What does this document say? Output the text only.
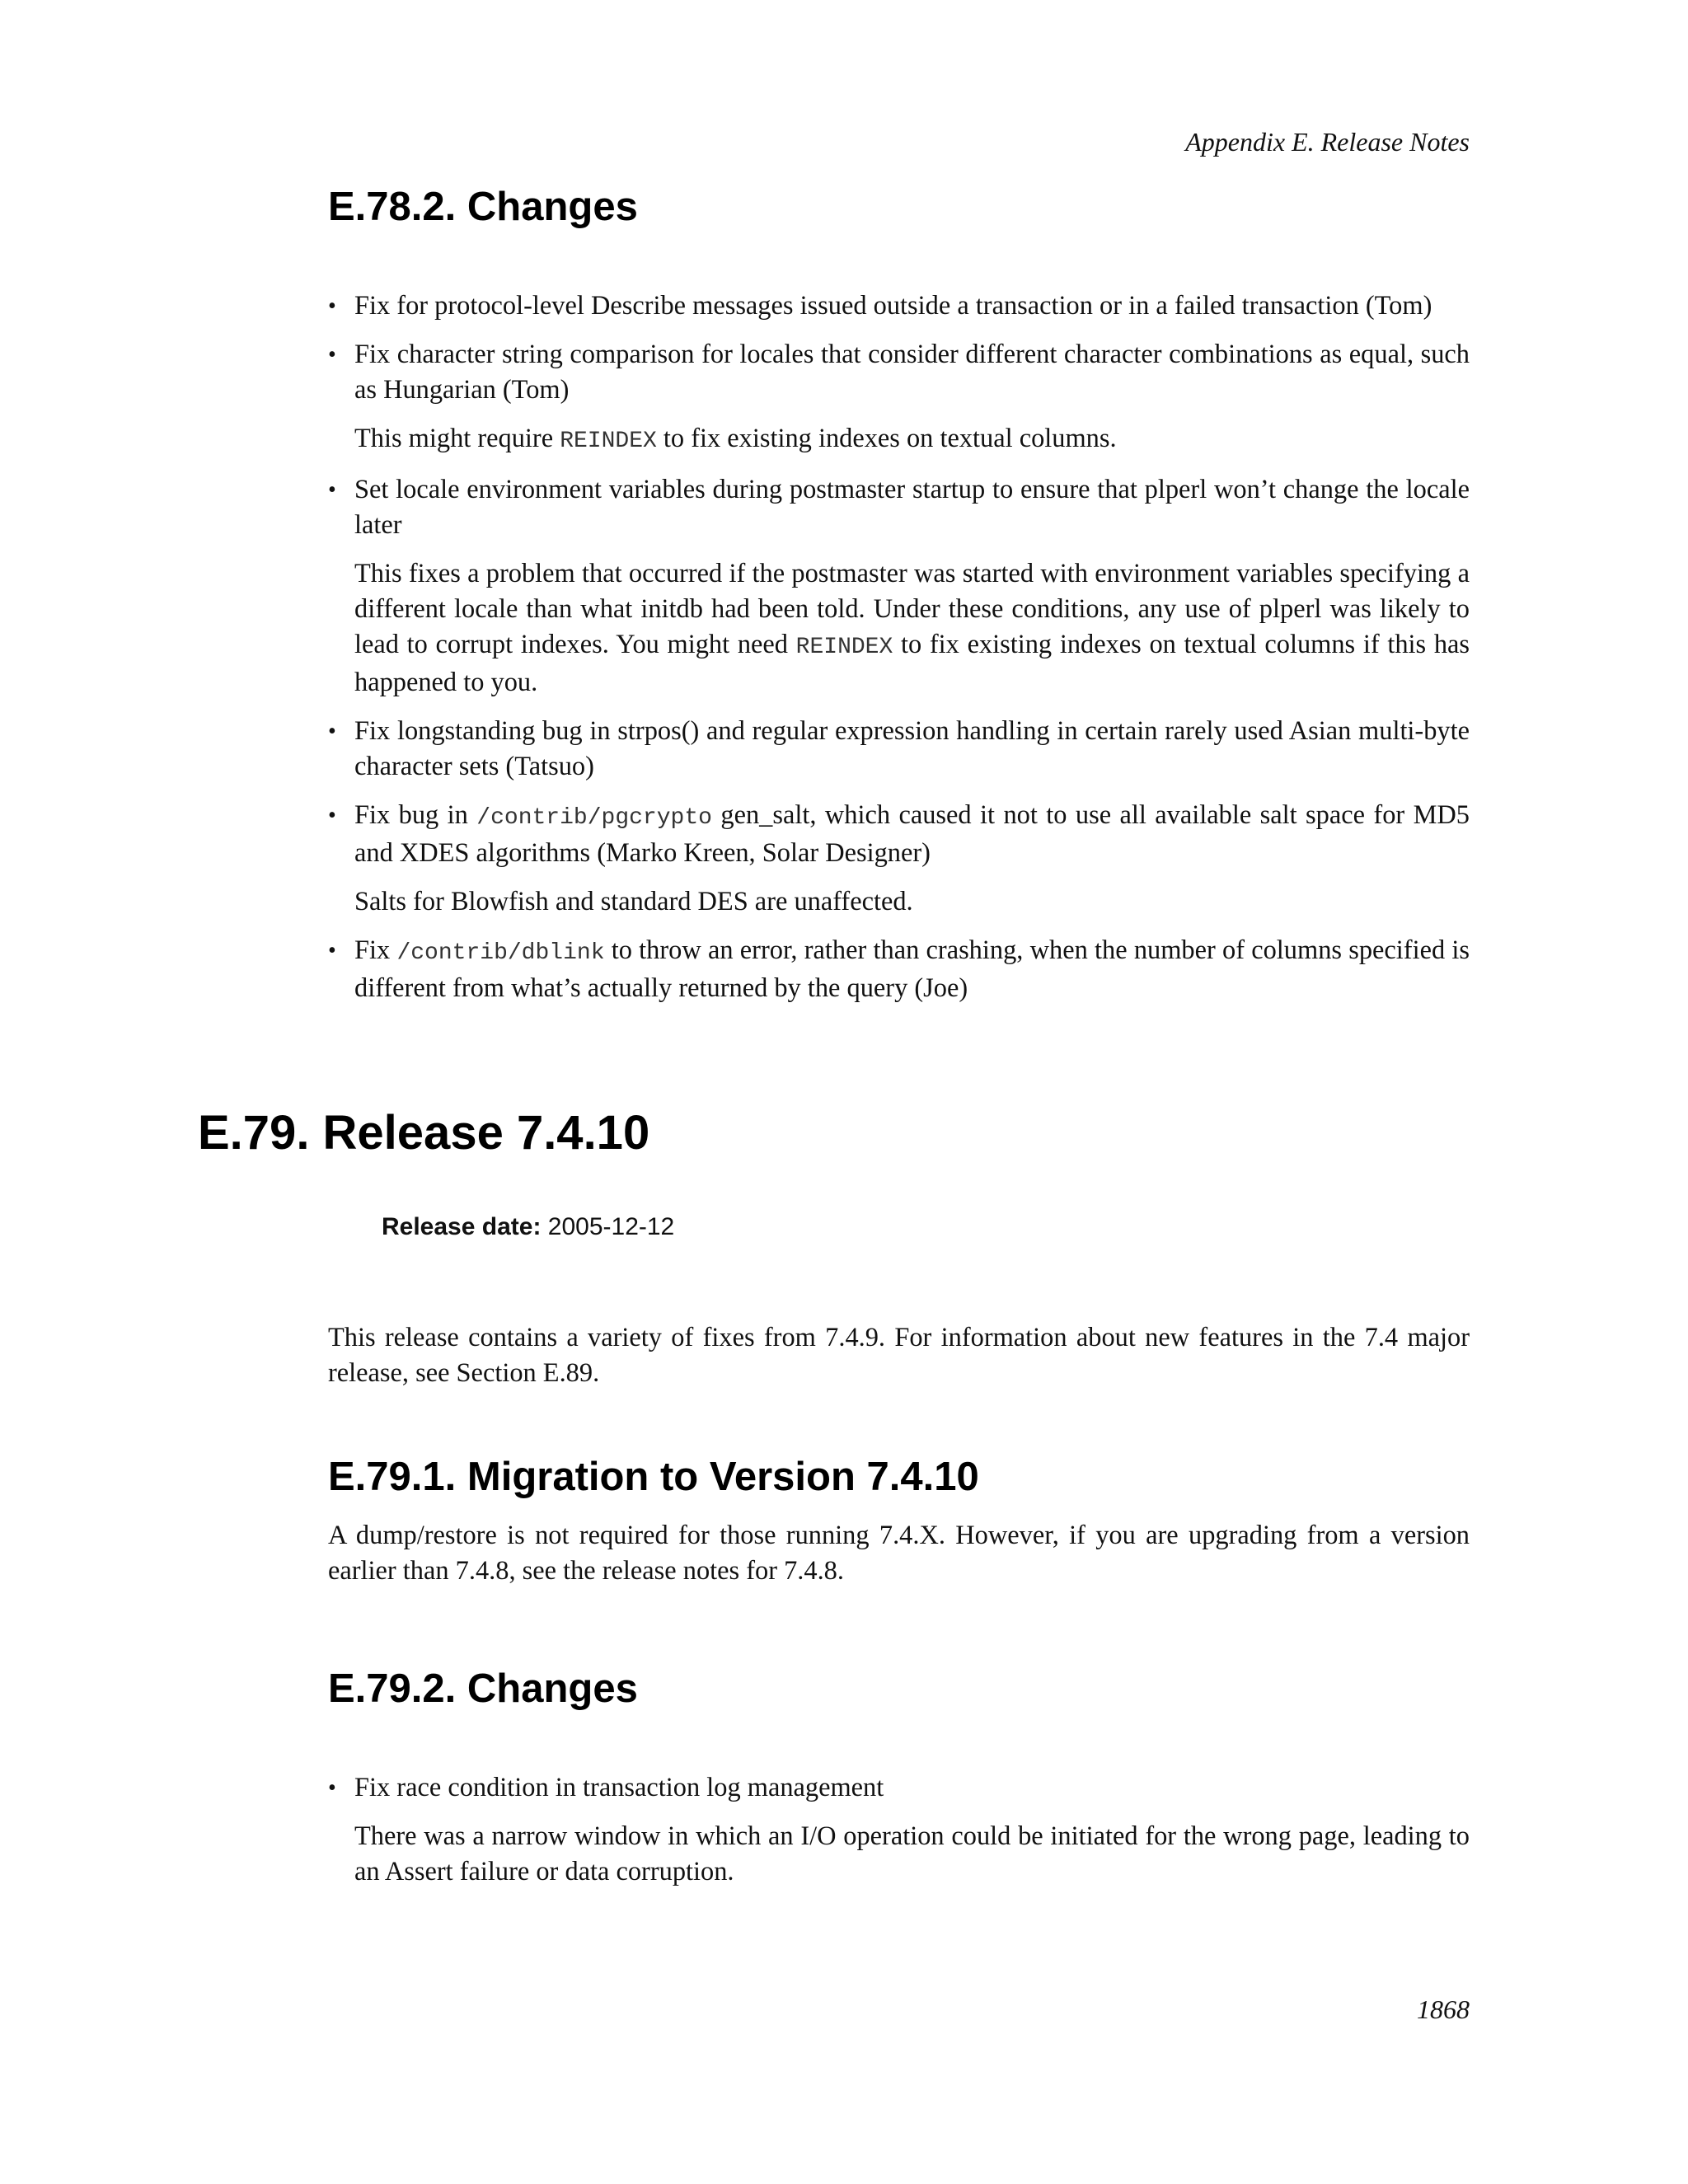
Appendix E. Release Notes
E.78.2. Changes
• Fix for protocol-level Describe messages issued outside a transaction or in a failed transaction (Tom)
• Fix character string comparison for locales that consider different character combinations as equal, such as Hungarian (Tom)

This might require REINDEX to fix existing indexes on textual columns.

• Set locale environment variables during postmaster startup to ensure that plperl won’t change the locale later

This fixes a problem that occurred if the postmaster was started with environment variables specifying a different locale than what initdb had been told. Under these conditions, any use of plperl was likely to lead to corrupt indexes. You might need REINDEX to fix existing indexes on textual columns if this has happened to you.

• Fix longstanding bug in strpos() and regular expression handling in certain rarely used Asian multi-byte character sets (Tatsuo)
• Fix bug in /contrib/pgcrypto gen_salt, which caused it not to use all available salt space for MD5 and XDES algorithms (Marko Kreen, Solar Designer)

Salts for Blowfish and standard DES are unaffected.

• Fix /contrib/dblink to throw an error, rather than crashing, when the number of columns specified is different from what’s actually returned by the query (Joe)
E.79. Release 7.4.10
Release date: 2005-12-12

This release contains a variety of fixes from 7.4.9. For information about new features in the 7.4 major release, see Section E.89.

E.79.1. Migration to Version 7.4.10

A dump/restore is not required for those running 7.4.X. However, if you are upgrading from a version earlier than 7.4.8, see the release notes for 7.4.8.

E.79.2. Changes
• Fix race condition in transaction log management

There was a narrow window in which an I/O operation could be initiated for the wrong page, leading to an Assert failure or data corruption.

1868
